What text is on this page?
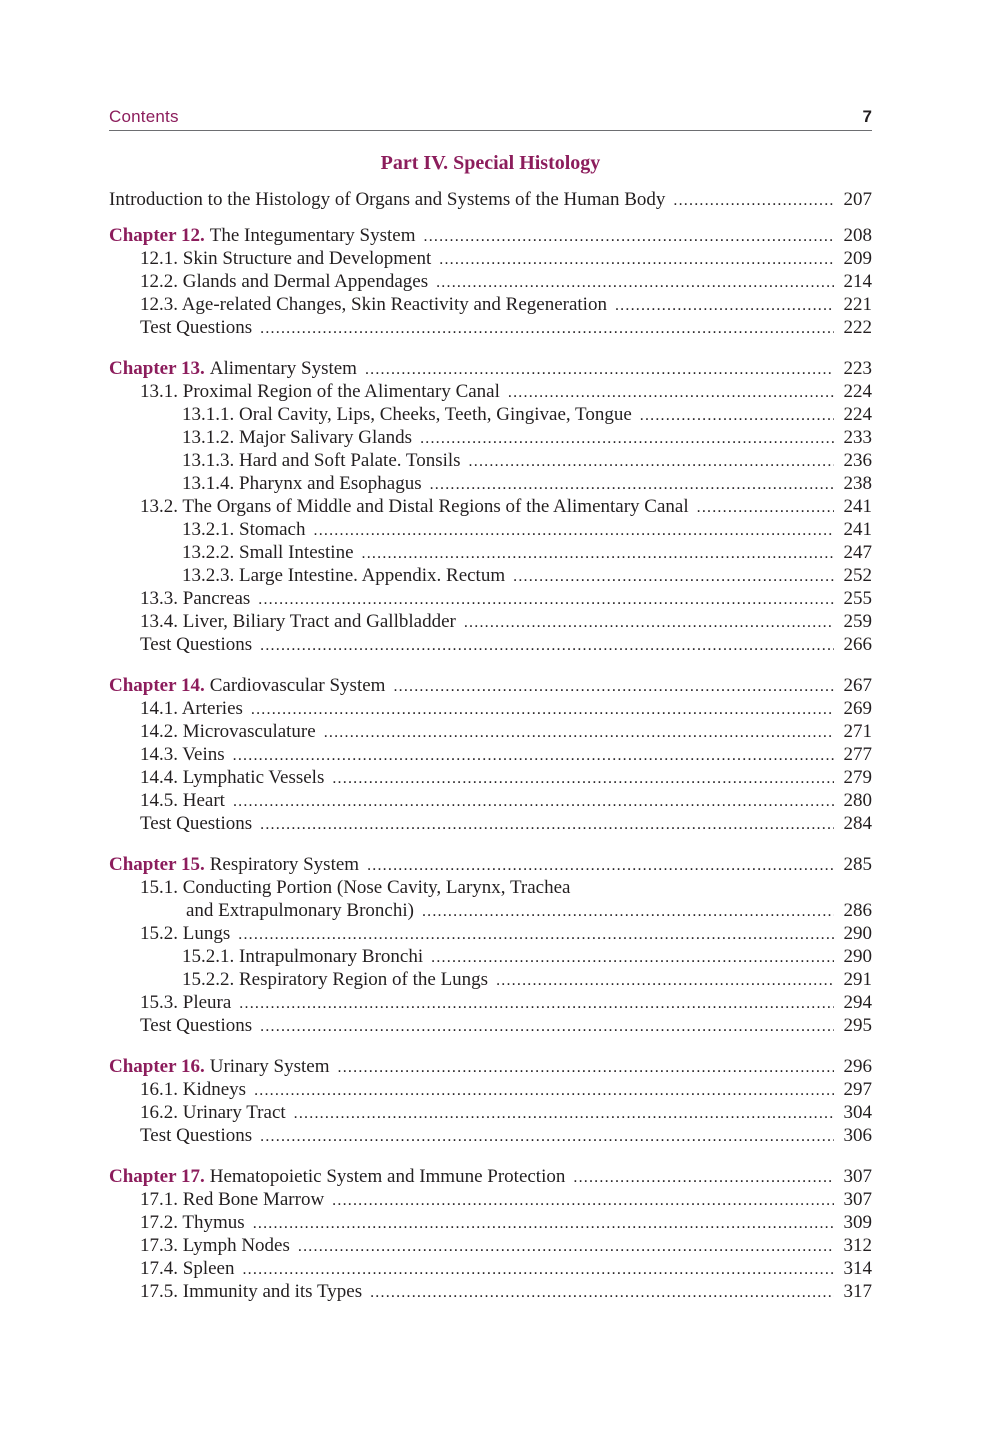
Contents	7
Part IV. Special Histology
Introduction to the Histology of Organs and Systems of the Human Body .....	207
Chapter 12. The Integumentary System .....	208
12.1. Skin Structure and Development .....	209
12.2. Glands and Dermal Appendages .....	214
12.3. Age-related Changes, Skin Reactivity and Regeneration .....	221
Test Questions .....	222
Chapter 13. Alimentary System .....	223
13.1. Proximal Region of the Alimentary Canal .....	224
13.1.1. Oral Cavity, Lips, Cheeks, Teeth, Gingivae, Tongue .....	224
13.1.2. Major Salivary Glands .....	233
13.1.3. Hard and Soft Palate. Tonsils .....	236
13.1.4. Pharynx and Esophagus .....	238
13.2. The Organs of Middle and Distal Regions of the Alimentary Canal .....	241
13.2.1. Stomach .....	241
13.2.2. Small Intestine .....	247
13.2.3. Large Intestine. Appendix. Rectum .....	252
13.3. Pancreas .....	255
13.4. Liver, Biliary Tract and Gallbladder .....	259
Test Questions .....	266
Chapter 14. Cardiovascular System .....	267
14.1. Arteries .....	269
14.2. Microvasculature .....	271
14.3. Veins .....	277
14.4. Lymphatic Vessels .....	279
14.5. Heart .....	280
Test Questions .....	284
Chapter 15. Respiratory System .....	285
15.1. Conducting Portion (Nose Cavity, Larynx, Trachea
and Extrapulmonary Bronchi) .....	286
15.2. Lungs .....	290
15.2.1. Intrapulmonary Bronchi .....	290
15.2.2. Respiratory Region of the Lungs .....	291
15.3. Pleura .....	294
Test Questions .....	295
Chapter 16. Urinary System .....	296
16.1. Kidneys .....	297
16.2. Urinary Tract .....	304
Test Questions .....	306
Chapter 17. Hematopoietic System and Immune Protection .....	307
17.1. Red Bone Marrow .....	307
17.2. Thymus .....	309
17.3. Lymph Nodes .....	312
17.4. Spleen .....	314
17.5. Immunity and its Types .....	317
